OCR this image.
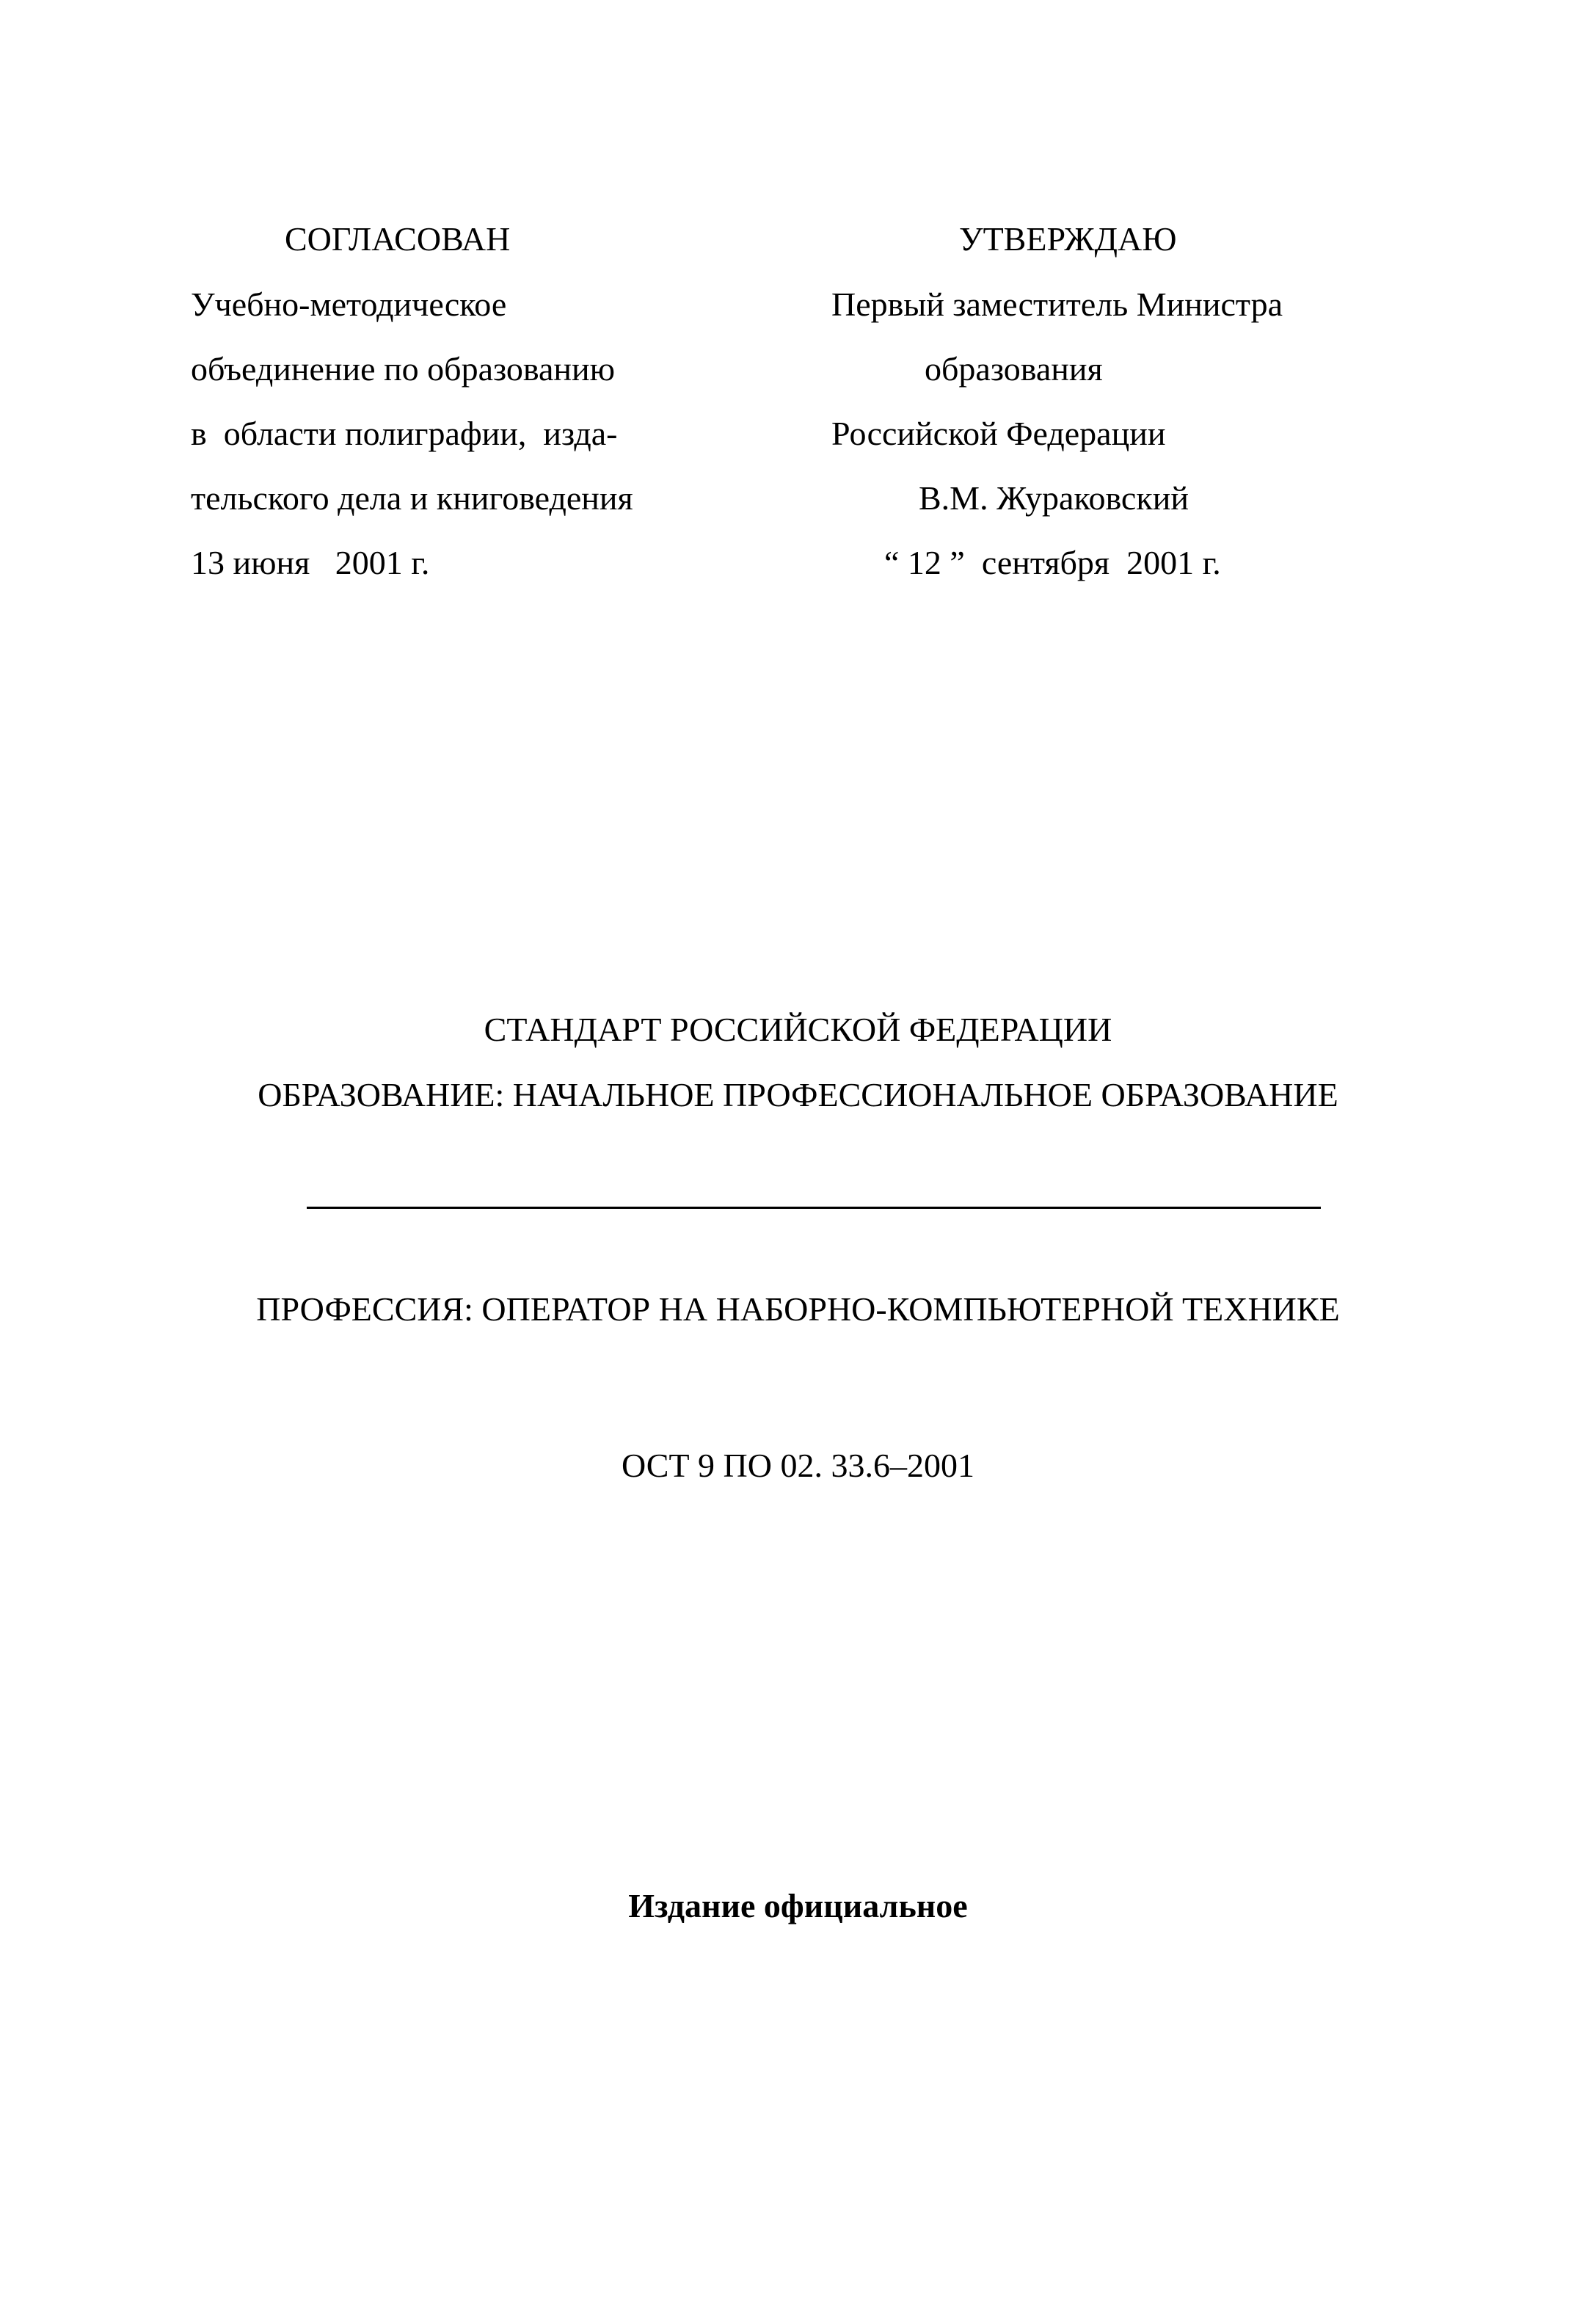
СОГЛАСОВАН
Учебно-методическое
объединение по образованию
в  области полиграфии,  изда-
тельского дела и книговедения
13 июня   2001 г.
УТВЕРЖДАЮ
Первый заместитель Министра
образования
Российской Федерации
В.М. Жураковский
“ 12 ”  сентября  2001 г.
СТАНДАРТ РОССИЙСКОЙ ФЕДЕРАЦИИ
ОБРАЗОВАНИЕ: НАЧАЛЬНОЕ ПРОФЕССИОНАЛЬНОЕ ОБРАЗОВАНИЕ
ПРОФЕССИЯ: ОПЕРАТОР НА НАБОРНО-КОМПЬЮТЕРНОЙ ТЕХНИКЕ
ОСТ 9 ПО 02. 33.6–2001
Издание официальное
